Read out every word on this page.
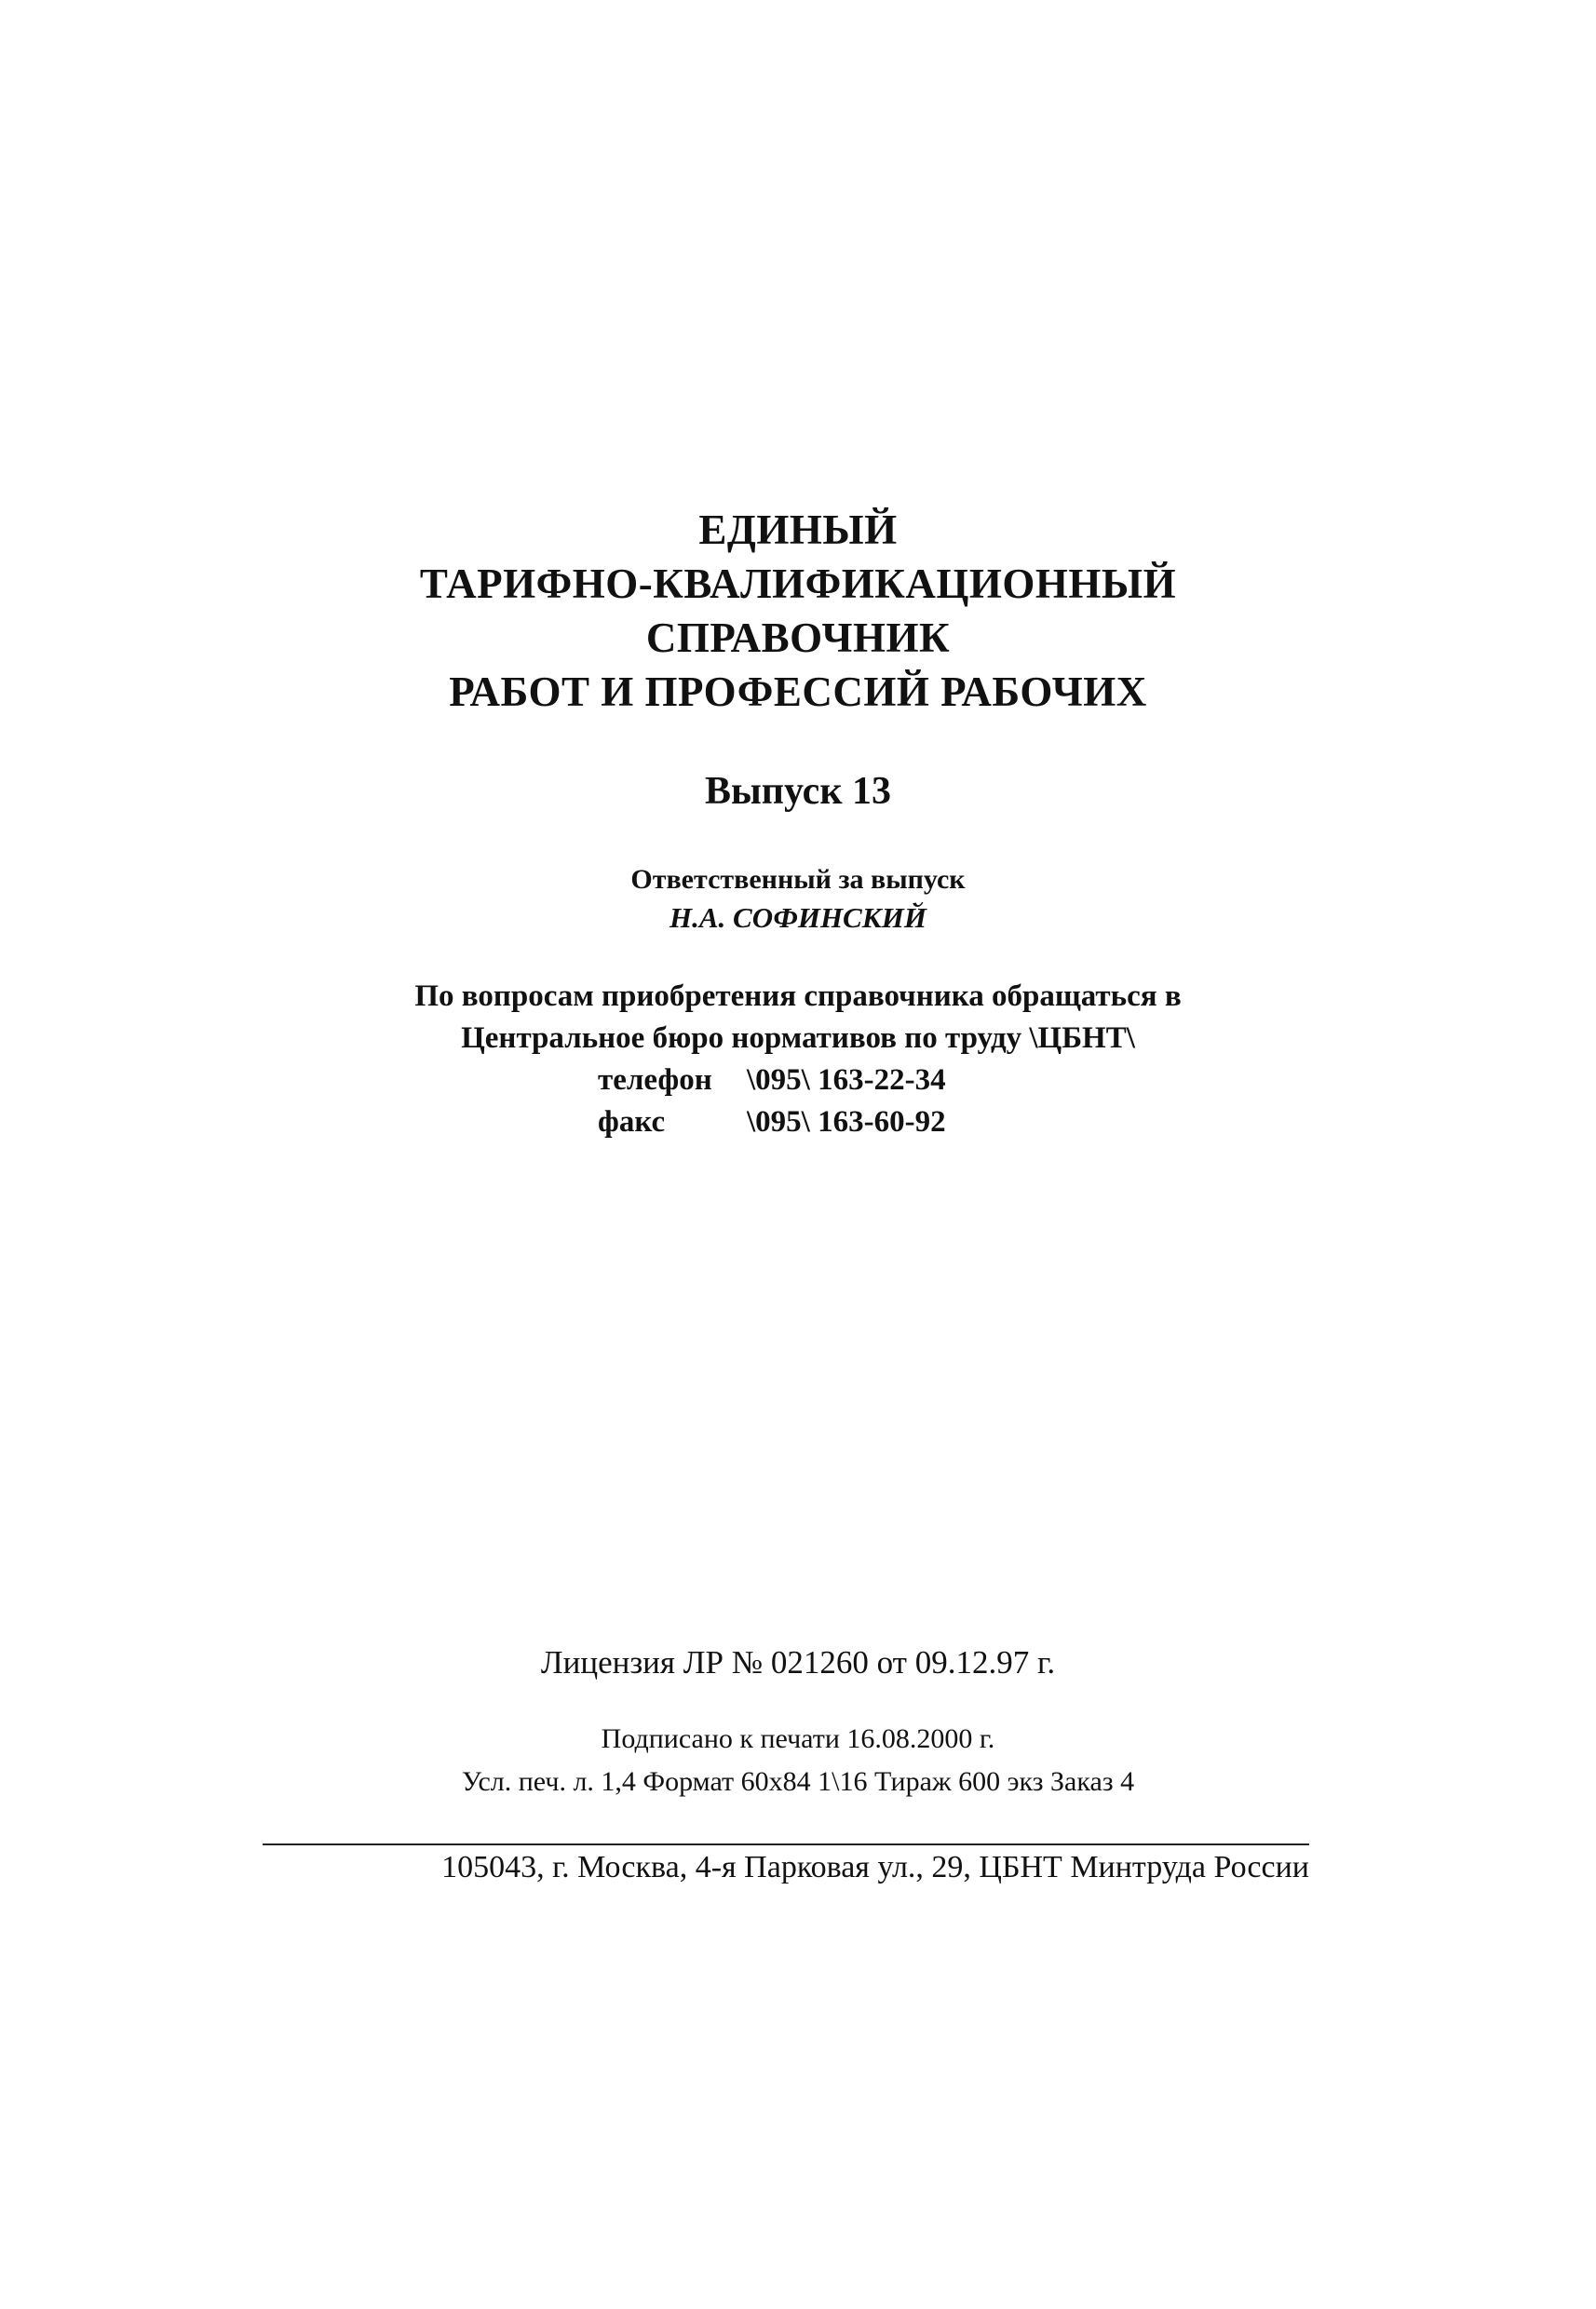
ЕДИНЫЙ
ТАРИФНО-КВАЛИФИКАЦИОННЫЙ
СПРАВОЧНИК
РАБОТ И ПРОФЕССИЙ РАБОЧИХ
Выпуск 13
Ответственный за выпуск
Н.А. СОФИНСКИЙ
По вопросам приобретения справочника обращаться в
Центральное бюро нормативов по труду \ЦБНТ\
телефон \095\ 163-22-34
факс	\095\ 163-60-92
Лицензия ЛР № 021260 от 09.12.97 г.
Подписано к печати 16.08.2000 г.
Усл. печ. л. 1,4 Формат 60х84 1\16 Тираж 600 экз Заказ 4
105043, г. Москва, 4-я Парковая ул., 29, ЦБНТ Минтруда России
